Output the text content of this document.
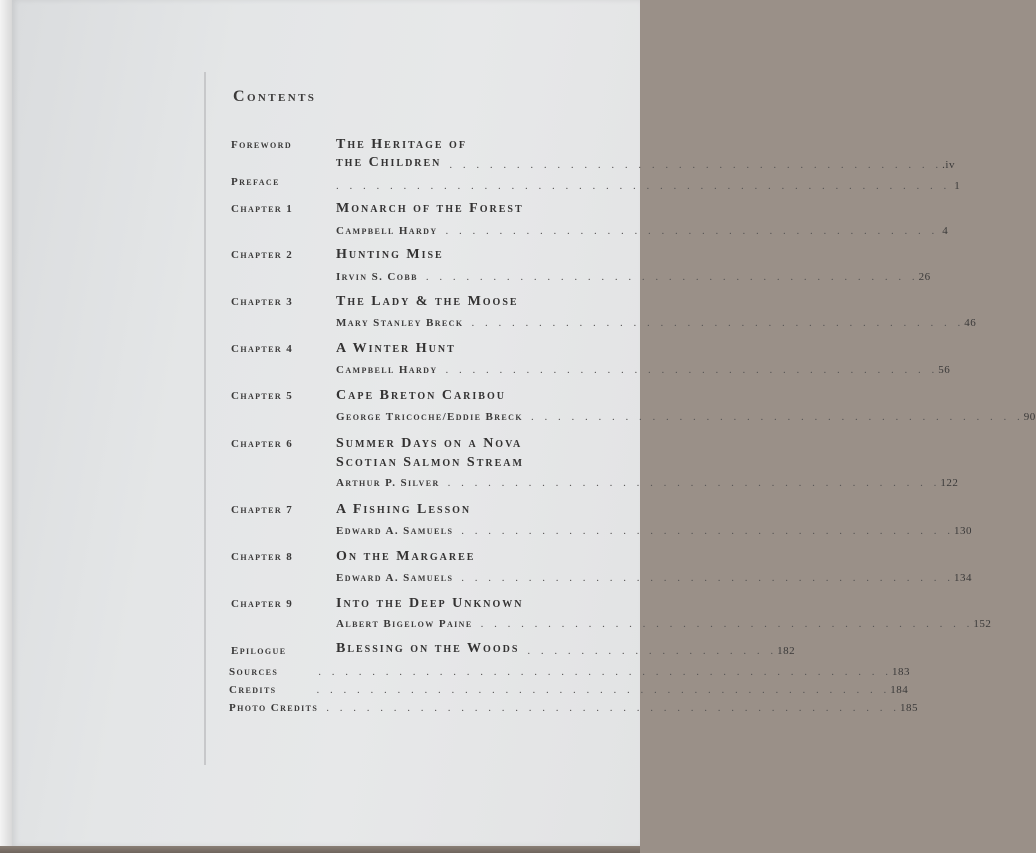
Contents
Foreword	The Heritage of
the Children . . . . . . . . . . . . . . . . . . . . . . . . . . . . . . . . . . . . . .iv
Preface	. . . . . . . . . . . . . . . . . . . . . . . . . . . . . . . . . . . . . . . . . . . . . . 1
Chapter 1	Monarch of the Forest
Campbell Hardy . . . . . . . . . . . . . . . . . . . . . . . . . . . . . . . . . . . . . 4
Chapter 2	Hunting Mise
Irvin S. Cobb . . . . . . . . . . . . . . . . . . . . . . . . . . . . . . . . . . . . . 26
Chapter 3	The Lady & the Moose
Mary Stanley Breck . . . . . . . . . . . . . . . . . . . . . . . . . . . . . . . . . . . . . 46
Chapter 4	A Winter Hunt
Campbell Hardy . . . . . . . . . . . . . . . . . . . . . . . . . . . . . . . . . . . . . 56
Chapter 5	Cape Breton Caribou
George Tricoche/Eddie Breck . . . . . . . . . . . . . . . . . . . . . . . . . . . . . . . . . . . . . 90
Chapter 6	Summer Days on a Nova
Scotian Salmon Stream
Arthur P. Silver . . . . . . . . . . . . . . . . . . . . . . . . . . . . . . . . . . . . . 122
Chapter 7	A Fishing Lesson
Edward A. Samuels . . . . . . . . . . . . . . . . . . . . . . . . . . . . . . . . . . . . . 130
Chapter 8	On the Margaree
Edward A. Samuels . . . . . . . . . . . . . . . . . . . . . . . . . . . . . . . . . . . . . 134
Chapter 9	Into the Deep Unknown
Albert Bigelow Paine . . . . . . . . . . . . . . . . . . . . . . . . . . . . . . . . . . . . . 152
Epilogue	Blessing on the Woods . . . . . . . . . . . . . . . . . . . 182
Sources	. . . . . . . . . . . . . . . . . . . . . . . . . . . . . . . . . . . . . . . . . . . 183
Credits	. . . . . . . . . . . . . . . . . . . . . . . . . . . . . . . . . . . . . . . . . . . 184
Photo Credits . . . . . . . . . . . . . . . . . . . . . . . . . . . . . . . . . . . . . . . . . . . 185
